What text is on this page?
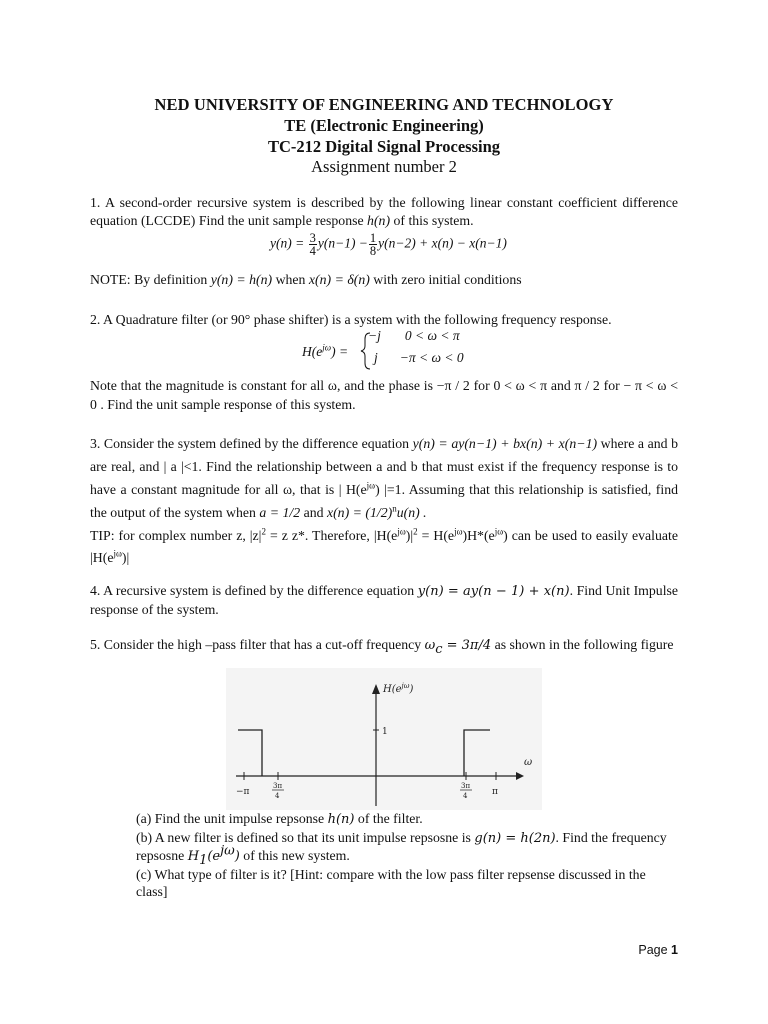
NED UNIVERSITY OF ENGINEERING AND TECHNOLOGY
TE (Electronic Engineering)
TC-212 Digital Signal Processing
Assignment number 2
1. A second-order recursive system is described by the following linear constant coefficient difference equation (LCCDE) Find the unit sample response h(n) of this system.
$y(n) = \frac{3}{4} y(n-1) - \frac{1}{8} y(n-2) + x(n) - x(n-1)$
NOTE: By definition y(n) = h(n) when x(n) = δ(n) with zero initial conditions
2. A Quadrature filter (or 90° phase shifter) is a system with the following frequency response.
$H(e^{j\omega})$ =
−j 0 < ω < π
j −π < ω < 0
Note that the magnitude is constant for all ω, and the phase is −π / 2 for 0 < ω < π and π / 2 for − π < ω < 0 . Find the unit sample response of this system.
3. Consider the system defined by the difference equation y(n) = ay(n−1) + bx(n) + x(n−1) where a and b are real, and | a |<1. Find the relationship between a and b that must exist if the frequency response is to have a constant magnitude for all ω, that is | $H(e^{j\omega})$ |=1. Assuming that this relationship is satisfied, find the output of the system when a = 1/2 and $x(n) = (1/2)^nu(n)$ .
TIP: for complex number z, $|z|^2 = z$ z*. Therefore, $|H(e^{j\omega})|^2 = H(e^{j\omega})H*(e^{j\omega})$ can be used to easily evaluate $|H(e^{j\omega})|$
4. A recursive system is defined by the difference equation y(n) = ay(n − 1) + x(n). Find Unit Impulse response of the system.
5. Consider the high –pass filter that has a cut-off frequency $\omega_c = 3\pi/4$ as shown in the following figure
$H(e^{j\omega})$
1
ω
−π
3π
4
3π
4	π
(a) Find the unit impulse repsonse h(n) of the filter.
(b) A new filter is defined so that its unit impulse repsosne is g(n) = h(2n). Find the frequency repsosne $H_1(e^{j\omega})$ of this new system.
(c) What type of filter is it? [Hint: compare with the low pass filter repsense discussed in the class]
Page 1
